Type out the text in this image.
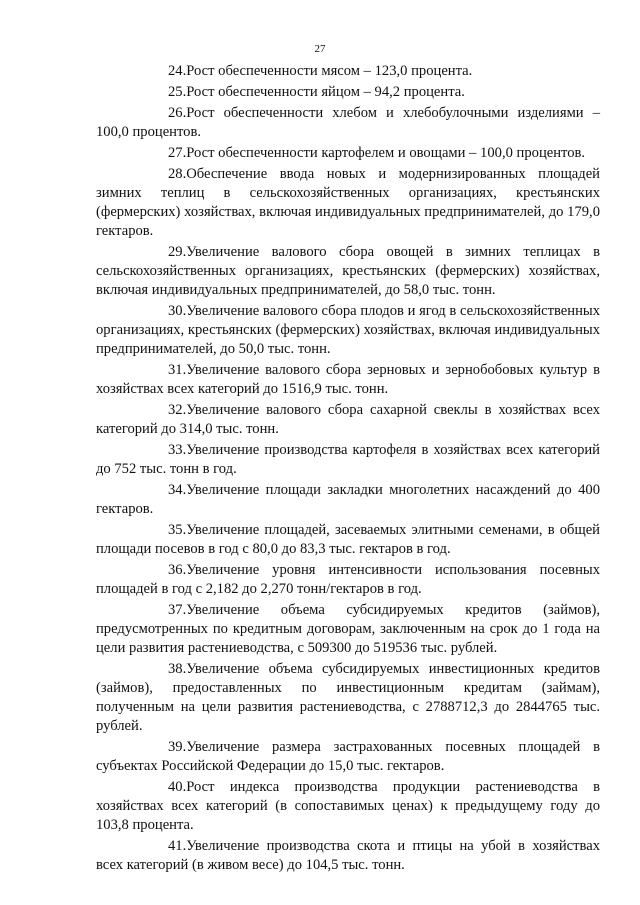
27

24.Рост обеспеченности мясом – 123,0 процента.

25.Рост обеспеченности яйцом – 94,2 процента.

26.Рост обеспеченности хлебом и хлебобулочными изделиями – 100,0 процентов.

27.Рост обеспеченности картофелем и овощами – 100,0 процентов.

28.Обеспечение ввода новых и модернизированных площадей зимних теплиц в сельскохозяйственных организациях, крестьянских (фермерских) хозяйствах, включая индивидуальных предпринимателей, до 179,0 гектаров.

29.Увеличение валового сбора овощей в зимних теплицах в сельскохозяйственных организациях, крестьянских (фермерских) хозяйствах, включая индивидуальных предпринимателей, до 58,0 тыс. тонн.

30.Увеличение валового сбора плодов и ягод в сельскохозяйственных организациях, крестьянских (фермерских) хозяйствах, включая индивидуальных предпринимателей, до 50,0 тыс. тонн.

31.Увеличение валового сбора зерновых и зернобобовых культур в хозяйствах всех категорий до 1516,9 тыс. тонн.

32.Увеличение валового сбора сахарной свеклы в хозяйствах всех категорий до 314,0 тыс. тонн.

33.Увеличение производства картофеля в хозяйствах всех категорий до 752 тыс. тонн в год.

34.Увеличение площади закладки многолетних насаждений до 400 гектаров.

35.Увеличение площадей, засеваемых элитными семенами, в общей площади посевов в год с 80,0 до 83,3 тыс. гектаров в год.

36.Увеличение уровня интенсивности использования посевных площадей в год с 2,182 до 2,270 тонн/гектаров в год.

37.Увеличение объема субсидируемых кредитов (займов), предусмотренных по кредитным договорам, заключенным на срок до 1 года на цели развития растениеводства, с 509300 до 519536 тыс. рублей.

38.Увеличение объема субсидируемых инвестиционных кредитов (займов), предоставленных по инвестиционным кредитам (займам), полученным на цели развития растениеводства, с 2788712,3 до 2844765 тыс. рублей.

39.Увеличение размера застрахованных посевных площадей в субъектах Российской Федерации до 15,0 тыс. гектаров.

40.Рост индекса производства продукции растениеводства в хозяйствах всех категорий (в сопоставимых ценах) к предыдущему году до 103,8 процента.

41.Увеличение производства скота и птицы на убой в хозяйствах всех категорий (в живом весе) до 104,5 тыс. тонн.
